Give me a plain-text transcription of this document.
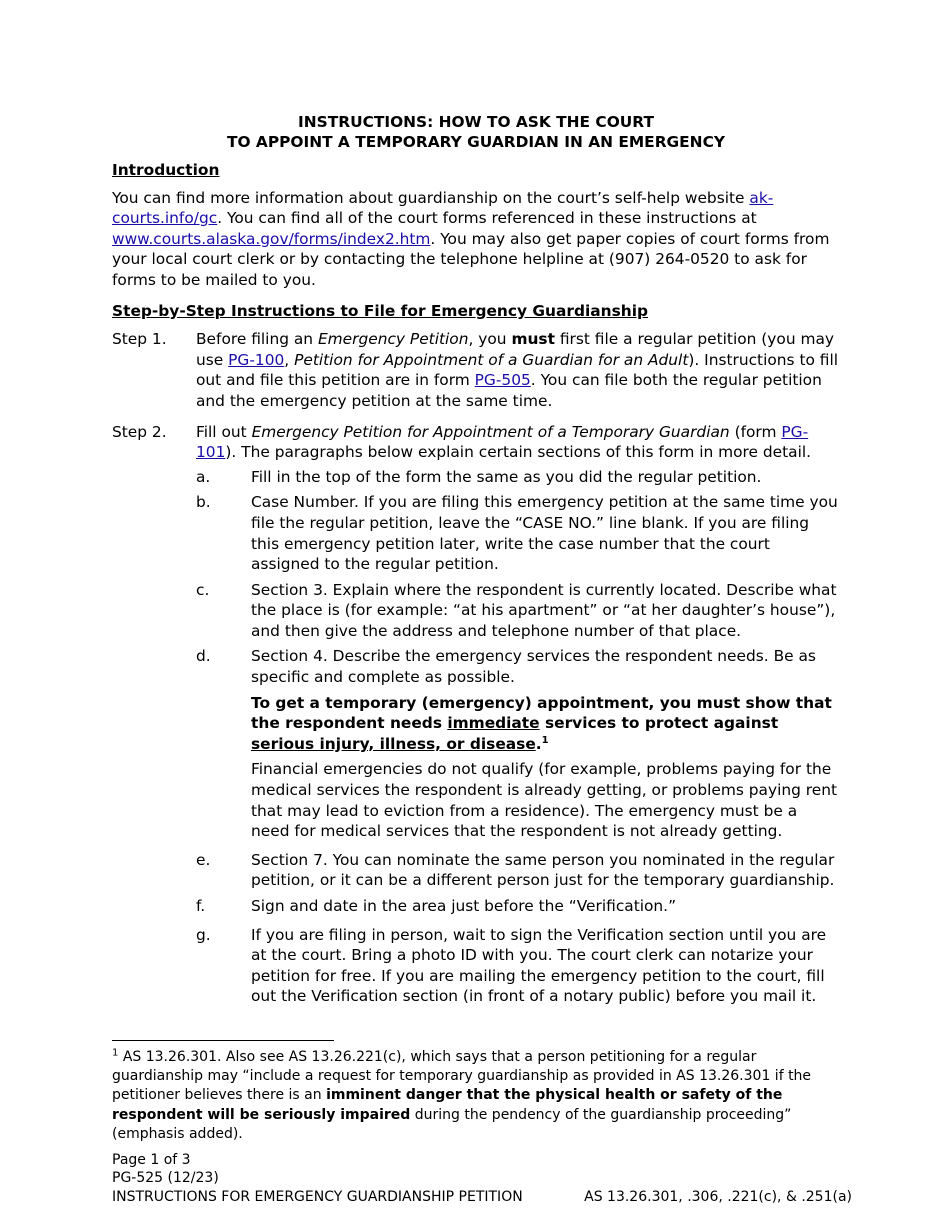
INSTRUCTIONS: HOW TO ASK THE COURT
TO APPOINT A TEMPORARY GUARDIAN IN AN EMERGENCY
Introduction

You can find more information about guardianship on the court’s self-help website ak-courts.info/gc. You can find all of the court forms referenced in these instructions at www.courts.alaska.gov/forms/index2.htm. You may also get paper copies of court forms from your local court clerk or by contacting the telephone helpline at (907) 264-0520 to ask for forms to be mailed to you.

Step-by-Step Instructions to File for Emergency Guardianship
Step 1. Before filing an Emergency Petition, you must first file a regular petition (you may use PG-100, Petition for Appointment of a Guardian for an Adult). Instructions to fill out and file this petition are in form PG-505. You can file both the regular petition and the emergency petition at the same time.

Step 2. Fill out Emergency Petition for Appointment of a Temporary Guardian (form PG-101). The paragraphs below explain certain sections of this form in more detail.

a.	Fill in the top of the form the same as you did the regular petition.

b.	Case Number. If you are filing this emergency petition at the same time you file the regular petition, leave the “CASE NO.” line blank. If you are filing this emergency petition later, write the case number that the court assigned to the regular petition.

c.	Section 3. Explain where the respondent is currently located. Describe what the place is (for example: “at his apartment” or “at her daughter’s house”), and then give the address and telephone number of that place.

d.	Section 4. Describe the emergency services the respondent needs. Be as specific and complete as possible.

To get a temporary (emergency) appointment, you must show that the respondent needs immediate services to protect against serious injury, illness, or disease.$^1$

Financial emergencies do not qualify (for example, problems paying for the medical services the respondent is already getting, or problems paying rent that may lead to eviction from a residence). The emergency must be a need for medical services that the respondent is not already getting.

e.	Section 7. You can nominate the same person you nominated in the regular petition, or it can be a different person just for the temporary guardianship.

f.	Sign and date in the area just before the “Verification.”

g.	If you are filing in person, wait to sign the Verification section until you are at the court. Bring a photo ID with you. The court clerk can notarize your petition for free. If you are mailing the emergency petition to the court, fill out the Verification section (in front of a notary public) before you mail it.

$^1$ AS 13.26.301. Also see AS 13.26.221(c), which says that a person petitioning for a regular guardianship may “include a request for temporary guardianship as provided in AS 13.26.301 if the petitioner believes there is an imminent danger that the physical health or safety of the respondent will be seriously impaired during the pendency of the guardianship proceeding” (emphasis added).
Page 1 of 3
PG-525 (12/23)
INSTRUCTIONS FOR EMERGENCY GUARDIANSHIP PETITION	AS 13.26.301, .306, .221(c), & .251(a)
